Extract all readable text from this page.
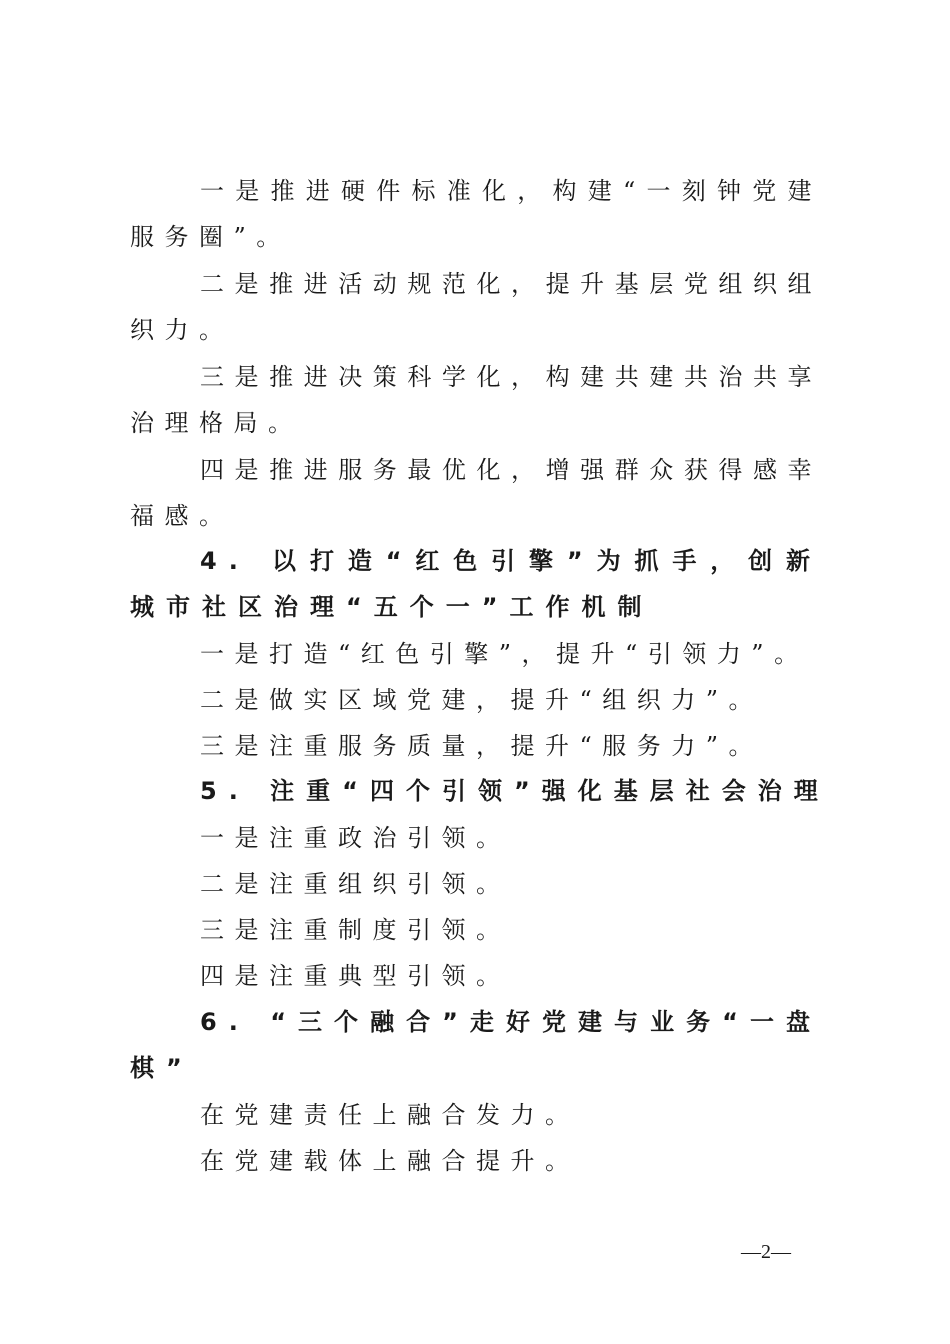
一是推进硬件标准化，构建“一刻钟党建服务圈”。

二是推进活动规范化，提升基层党组织组织力。

三是推进决策科学化，构建共建共治共享治理格局。

四是推进服务最优化，增强群众获得感幸福感。

4. 以打造“红色引擎”为抓手，创新城市社区治理“五个一”工作机制

一是打造“红色引擎”，提升“引领力”。

二是做实区域党建，提升“组织力”。

三是注重服务质量，提升“服务力”。

5. 注重“四个引领”强化基层社会治理

一是注重政治引领。

二是注重组织引领。

三是注重制度引领。

四是注重典型引领。

6. “三个融合”走好党建与业务“一盘棋”

在党建责任上融合发力。

在党建载体上融合提升。

—2—
